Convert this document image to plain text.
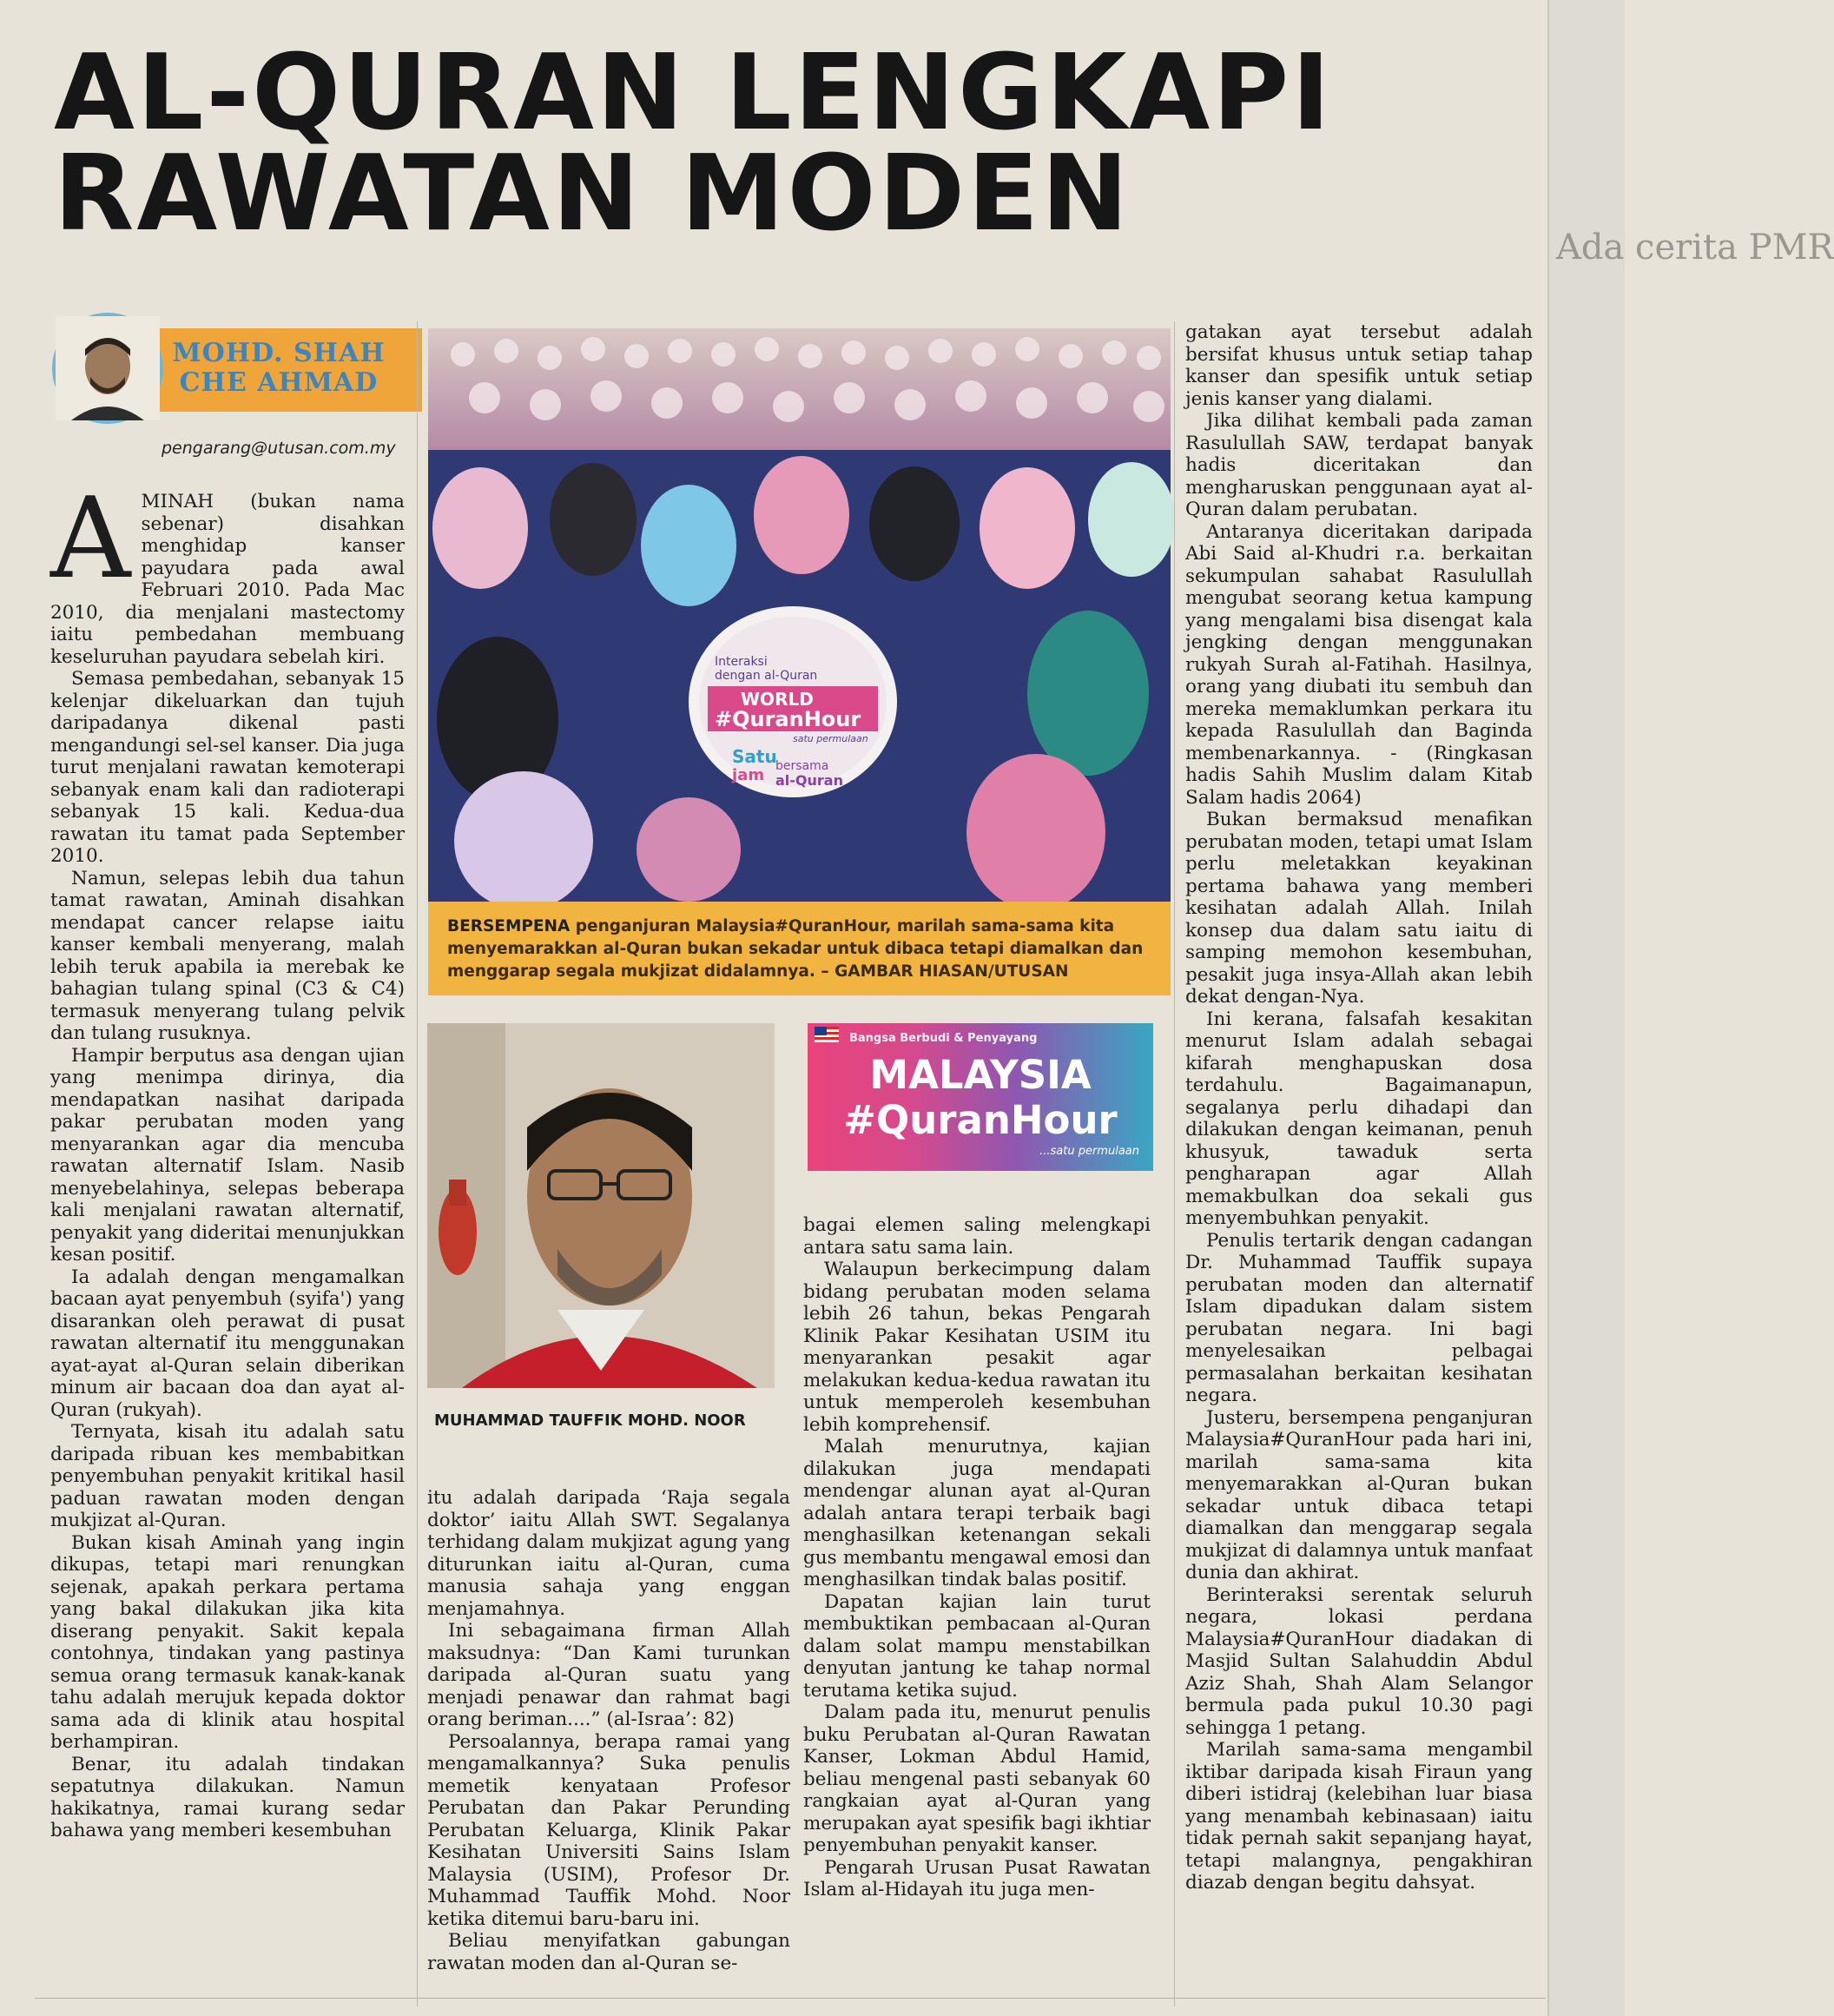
Ada cerita PMR
AL-QURAN LENGKAPI
RAWATAN MODEN
MOHD. SHAH
CHE AHMAD
pengarang@utusan.com.my
A MINAH (bukan nama sebenar) disahkan menghidap kanser payudara pada awal Februari 2010. Pada Mac 2010, dia menjalani mastectomy iaitu pembedahan membuang keseluruhan payudara sebelah kiri.

Semasa pembedahan, sebanyak 15 kelenjar dikeluarkan dan tujuh daripadanya dikenal pasti mengandungi sel-sel kanser. Dia juga turut menjalani rawatan kemoterapi sebanyak enam kali dan radioterapi sebanyak 15 kali. Kedua-dua rawatan itu tamat pada September 2010.

Namun, selepas lebih dua tahun tamat rawatan, Aminah disahkan mendapat cancer relapse iaitu kanser kembali menyerang, malah lebih teruk apabila ia merebak ke bahagian tulang spinal (C3 & C4) termasuk menyerang tulang pelvik dan tulang rusuknya.

Hampir berputus asa dengan ujian yang menimpa dirinya, dia mendapatkan nasihat daripada pakar perubatan moden yang menyarankan agar dia mencuba rawatan alternatif Islam. Nasib menyebelahinya, selepas beberapa kali menjalani rawatan alternatif, penyakit yang dideritai menunjukkan kesan positif.

Ia adalah dengan mengamalkan bacaan ayat penyembuh (syifa') yang disarankan oleh perawat di pusat rawatan alternatif itu menggunakan ayat-ayat al-Quran selain diberikan minum air bacaan doa dan ayat al-Quran (rukyah).

Ternyata, kisah itu adalah satu daripada ribuan kes membabitkan penyembuhan penyakit kritikal hasil paduan rawatan moden dengan mukjizat al-Quran.

Bukan kisah Aminah yang ingin dikupas, tetapi mari renungkan sejenak, apakah perkara pertama yang bakal dilakukan jika kita diserang penyakit. Sakit kepala contohnya, tindakan yang pastinya semua orang termasuk kanak-kanak tahu adalah merujuk kepada doktor sama ada di klinik atau hospital berhampiran.

Benar, itu adalah tindakan sepatutnya dilakukan. Namun hakikatnya, ramai kurang sedar bahawa yang memberi kesembuhan

Interaksi
dengan al-Quran
WORLD
#QuranHour
satu permulaan
Satu
jam bersama
al-Quran
BERSEMPENA penganjuran Malaysia#QuranHour, marilah sama-sama kita menyemarakkan al-Quran bukan sekadar untuk dibaca tetapi diamalkan dan menggarap segala mukjizat didalamnya. – GAMBAR HIASAN/UTUSAN
MUHAMMAD TAUFFIK MOHD. NOOR
Bangsa Berbudi & Penyayang
MALAYSIA
#QuranHour
...satu permulaan

itu adalah daripada ‘Raja segala doktor’ iaitu Allah SWT. Segalanya terhidang dalam mukjizat agung yang diturunkan iaitu al-Quran, cuma manusia sahaja yang enggan menjamahnya.

Ini sebagaimana firman Allah maksudnya: “Dan Kami turunkan daripada al-Quran suatu yang menjadi penawar dan rahmat bagi orang beriman....” (al-Israa’: 82)

Persoalannya, berapa ramai yang mengamalkannya? Suka penulis memetik kenyataan Profesor Perubatan dan Pakar Perunding Perubatan Keluarga, Klinik Pakar Kesihatan Universiti Sains Islam Malaysia (USIM), Profesor Dr. Muhammad Tauffik Mohd. Noor ketika ditemui baru-baru ini.

Beliau menyifatkan gabungan rawatan moden dan al-Quran se-

bagai elemen saling melengkapi antara satu sama lain.

Walaupun berkecimpung dalam bidang perubatan moden selama lebih 26 tahun, bekas Pengarah Klinik Pakar Kesihatan USIM itu menyarankan pesakit agar melakukan kedua-kedua rawatan itu untuk memperoleh kesembuhan lebih komprehensif.

Malah menurutnya, kajian dilakukan juga mendapati mendengar alunan ayat al-Quran adalah antara terapi terbaik bagi menghasilkan ketenangan sekali gus membantu mengawal emosi dan menghasilkan tindak balas positif.

Dapatan kajian lain turut membuktikan pembacaan al-Quran dalam solat mampu menstabilkan denyutan jantung ke tahap normal terutama ketika sujud.

Dalam pada itu, menurut penulis buku Perubatan al-Quran Rawatan Kanser, Lokman Abdul Hamid, beliau mengenal pasti sebanyak 60 rangkaian ayat al-Quran yang merupakan ayat spesifik bagi ikhtiar penyembuhan penyakit kanser.

Pengarah Urusan Pusat Rawatan Islam al-Hidayah itu juga men-

gatakan ayat tersebut adalah bersifat khusus untuk setiap tahap kanser dan spesifik untuk setiap jenis kanser yang dialami.

Jika dilihat kembali pada zaman Rasulullah SAW, terdapat banyak hadis diceritakan dan mengharuskan penggunaan ayat al-Quran dalam perubatan.

Antaranya diceritakan daripada Abi Said al-Khudri r.a. berkaitan sekumpulan sahabat Rasulullah mengubat seorang ketua kampung yang mengalami bisa disengat kala jengking dengan menggunakan rukyah Surah al-Fatihah. Hasilnya, orang yang diubati itu sembuh dan mereka memaklumkan perkara itu kepada Rasulullah dan Baginda membenarkannya. - (Ringkasan hadis Sahih Muslim dalam Kitab Salam hadis 2064)

Bukan bermaksud menafikan perubatan moden, tetapi umat Islam perlu meletakkan keyakinan pertama bahawa yang memberi kesihatan adalah Allah. Inilah konsep dua dalam satu iaitu di samping memohon kesembuhan, pesakit juga insya-Allah akan lebih dekat dengan-Nya.

Ini kerana, falsafah kesakitan menurut Islam adalah sebagai kifarah menghapuskan dosa terdahulu. Bagaimanapun, segalanya perlu dihadapi dan dilakukan dengan keimanan, penuh khusyuk, tawaduk serta pengharapan agar Allah memakbulkan doa sekali gus menyembuhkan penyakit.

Penulis tertarik dengan cadangan Dr. Muhammad Tauffik supaya perubatan moden dan alternatif Islam dipadukan dalam sistem perubatan negara. Ini bagi menyelesaikan pelbagai permasalahan berkaitan kesihatan negara.

Justeru, bersempena penganjuran Malaysia#QuranHour pada hari ini, marilah sama-sama kita menyemarakkan al-Quran bukan sekadar untuk dibaca tetapi diamalkan dan menggarap segala mukjizat di dalamnya untuk manfaat dunia dan akhirat.

Berinteraksi serentak seluruh negara, lokasi perdana Malaysia#QuranHour diadakan di Masjid Sultan Salahuddin Abdul Aziz Shah, Shah Alam Selangor bermula pada pukul 10.30 pagi sehingga 1 petang.

Marilah sama-sama mengambil iktibar daripada kisah Firaun yang diberi istidraj (kelebihan luar biasa yang menambah kebinasaan) iaitu tidak pernah sakit sepanjang hayat, tetapi malangnya, pengakhiran diazab dengan begitu dahsyat.
